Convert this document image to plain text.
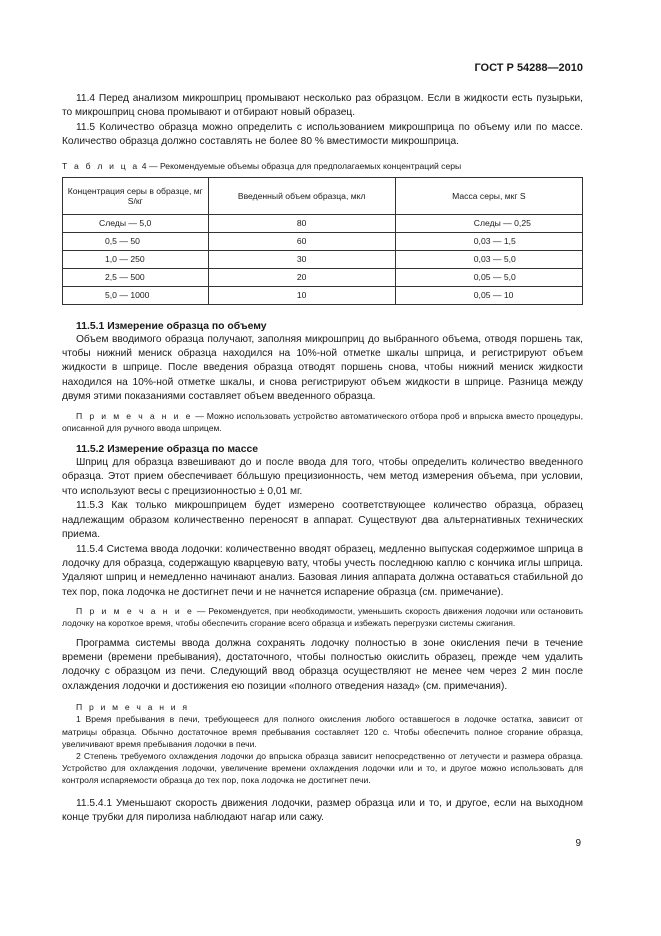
ГОСТ Р 54288—2010

11.4 Перед анализом микрошприц промывают несколько раз образцом. Если в жидкости есть пузырьки, то микрошприц снова промывают и отбирают новый образец.

11.5 Количество образца можно определить с использованием микрошприца по объему или по массе. Количество образца должно составлять не более 80 % вместимости микрошприца.

Т а б л и ц а 4 — Рекомендуемые объемы образца для предполагаемых концентраций серы
Концентрация серы в образце, мг S/кг	Введенный объем образца, мкл	Масса серы, мкг S
Следы — 5,0	80	Следы — 0,25
0,5 — 50	60	0,03 — 1,5
1,0 — 250	30	0,03 — 5,0
2,5 — 500	20	0,05 — 5,0
5,0 — 1000	10	0,05 — 10
11.5.1 Измерение образца по объему

Объем вводимого образца получают, заполняя микрошприц до выбранного объема, отводя поршень так, чтобы нижний мениск образца находился на 10%-ной отметке шкалы шприца, и регистрируют объем жидкости в шприце. После введения образца отводят поршень снова, чтобы нижний мениск жидкости находился на 10%-ной отметке шкалы, и снова регистрируют объем жидкости в шприце. Разница между двумя этими показаниями составляет объем введенного образца.

П р и м е ч а н и е — Можно использовать устройство автоматического отбора проб и впрыска вместо процедуры, описанной для ручного ввода шприцем.

11.5.2 Измерение образца по массе

Шприц для образца взвешивают до и после ввода для того, чтобы определить количество введенного образца. Этот прием обеспечивает бо́льшую прецизионность, чем метод измерения объема, при условии, что используют весы с прецизионностью ± 0,01 мг.

11.5.3 Как только микрошприцем будет измерено соответствующее количество образца, образец надлежащим образом количественно переносят в аппарат. Существуют два альтернативных технических приема.

11.5.4 Система ввода лодочки: количественно вводят образец, медленно выпуская содержимое шприца в лодочку для образца, содержащую кварцевую вату, чтобы учесть последнюю каплю с кончика иглы шприца. Удаляют шприц и немедленно начинают анализ. Базовая линия аппарата должна оставаться стабильной до тех пор, пока лодочка не достигнет печи и не начнется испарение образца (см. примечание).

П р и м е ч а н и е — Рекомендуется, при необходимости, уменьшить скорость движения лодочки или остановить лодочку на короткое время, чтобы обеспечить сгорание всего образца и избежать перегрузки системы сжигания.

Программа системы ввода должна сохранять лодочку полностью в зоне окисления печи в течение времени (времени пребывания), достаточного, чтобы полностью окислить образец, прежде чем удалить лодочку с образцом из печи. Следующий ввод образца осуществляют не менее чем через 2 мин после охлаждения лодочки и достижения ею позиции «полного отведения назад» (см. примечания).

П р и м е ч а н и я

1 Время пребывания в печи, требующееся для полного окисления любого оставшегося в лодочке остатка, зависит от матрицы образца. Обычно достаточное время пребывания составляет 120 с. Чтобы обеспечить полное сгорание образца, увеличивают время пребывания лодочки в печи.

2 Степень требуемого охлаждения лодочки до впрыска образца зависит непосредственно от летучести и размера образца. Устройство для охлаждения лодочки, увеличение времени охлаждения лодочки или и то, и другое можно использовать для контроля испаряемости образца до тех пор, пока лодочка не достигнет печи.

11.5.4.1 Уменьшают скорость движения лодочки, размер образца или и то, и другое, если на выходном конце трубки для пиролиза наблюдают нагар или сажу.

9
